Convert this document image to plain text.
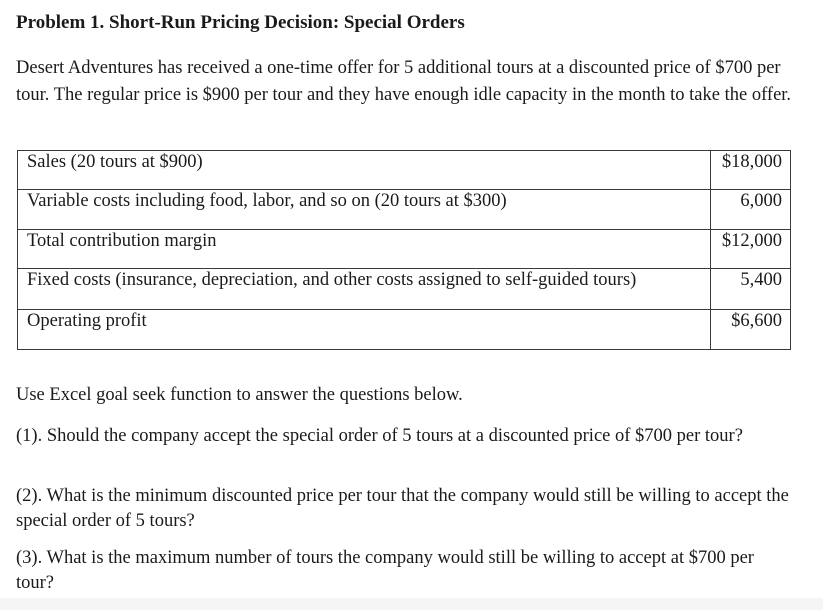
Problem 1. Short-Run Pricing Decision: Special Orders
Desert Adventures has received a one-time offer for 5 additional tours at a discounted price of $700 per tour. The regular price is $900 per tour and they have enough idle capacity in the month to take the offer.
Sales (20 tours at $900)	$18,000
Variable costs including food, labor, and so on (20 tours at $300)	6,000
Total contribution margin	$12,000
Fixed costs (insurance, depreciation, and other costs assigned to self-guided tours)	5,400
Operating profit	$6,600
Use Excel goal seek function to answer the questions below.
(1). Should the company accept the special order of 5 tours at a discounted price of $700 per tour?
(2). What is the minimum discounted price per tour that the company would still be willing to accept the special order of 5 tours?
(3). What is the maximum number of tours the company would still be willing to accept at $700 per tour?
